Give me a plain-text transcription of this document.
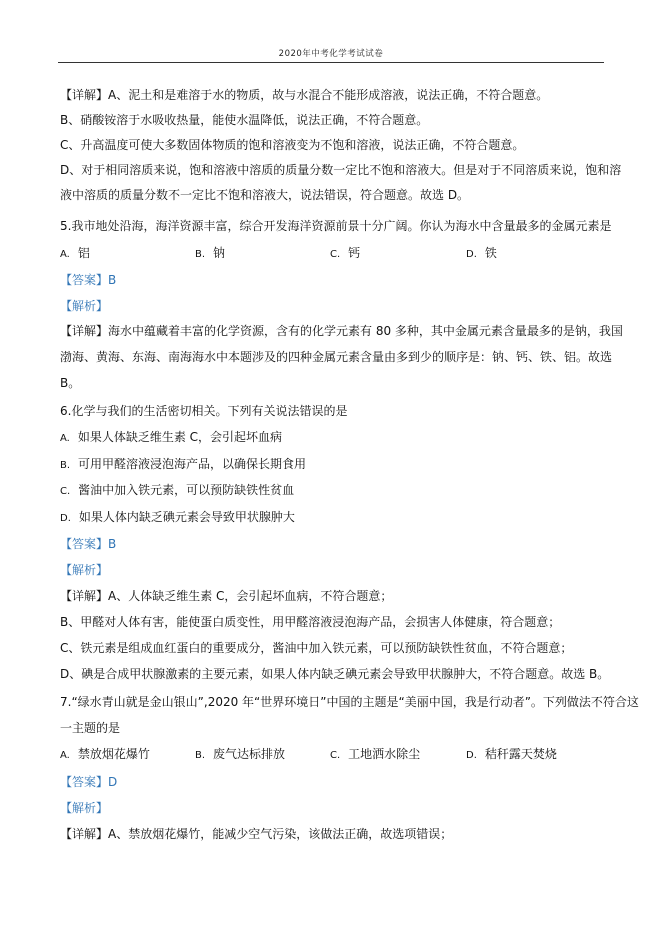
2020年中考化学考试试卷
【详解】A、泥土和是难溶于水的物质，故与水混合不能形成溶液，说法正确，不符合题意。
B、硝酸铵溶于水吸收热量，能使水温降低，说法正确，不符合题意。
C、升高温度可使大多数固体物质的饱和溶液变为不饱和溶液，说法正确，不符合题意。
D、对于相同溶质来说，饱和溶液中溶质的质量分数一定比不饱和溶液大。但是对于不同溶质来说，饱和溶
液中溶质的质量分数不一定比不饱和溶液大，说法错误，符合题意。故选 D。
5.我市地处沿海，海洋资源丰富，综合开发海洋资源前景十分广阔。你认为海水中含量最多的金属元素是
A. 铝	B. 钠	C. 钙	D. 铁
【答案】B
【解析】
【详解】海水中蕴藏着丰富的化学资源，含有的化学元素有 80 多种，其中金属元素含量最多的是钠，我国
渤海、黄海、东海、南海海水中本题涉及的四种金属元素含量由多到少的顺序是：钠、钙、铁、铝。故选
B。
6.化学与我们的生活密切相关。下列有关说法错误的是
A. 如果人体缺乏维生素 C，会引起坏血病
B. 可用甲醛溶液浸泡海产品，以确保长期食用
C. 酱油中加入铁元素，可以预防缺铁性贫血
D. 如果人体内缺乏碘元素会导致甲状腺肿大
【答案】B
【解析】
【详解】A、人体缺乏维生素 C，会引起坏血病，不符合题意；
B、甲醛对人体有害，能使蛋白质变性，用甲醛溶液浸泡海产品，会损害人体健康，符合题意；
C、铁元素是组成血红蛋白的重要成分，酱油中加入铁元素，可以预防缺铁性贫血，不符合题意；
D、碘是合成甲状腺激素的主要元素，如果人体内缺乏碘元素会导致甲状腺肿大，不符合题意。故选 B。
7.“绿水青山就是金山银山”,2020 年“世界环境日”中国的主题是“美丽中国，我是行动者”。下列做法不符合这
一主题的是
A. 禁放烟花爆竹	B. 废气达标排放	C. 工地洒水除尘	D. 秸秆露天焚烧
【答案】D
【解析】
【详解】A、禁放烟花爆竹，能减少空气污染，该做法正确，故选项错误；
